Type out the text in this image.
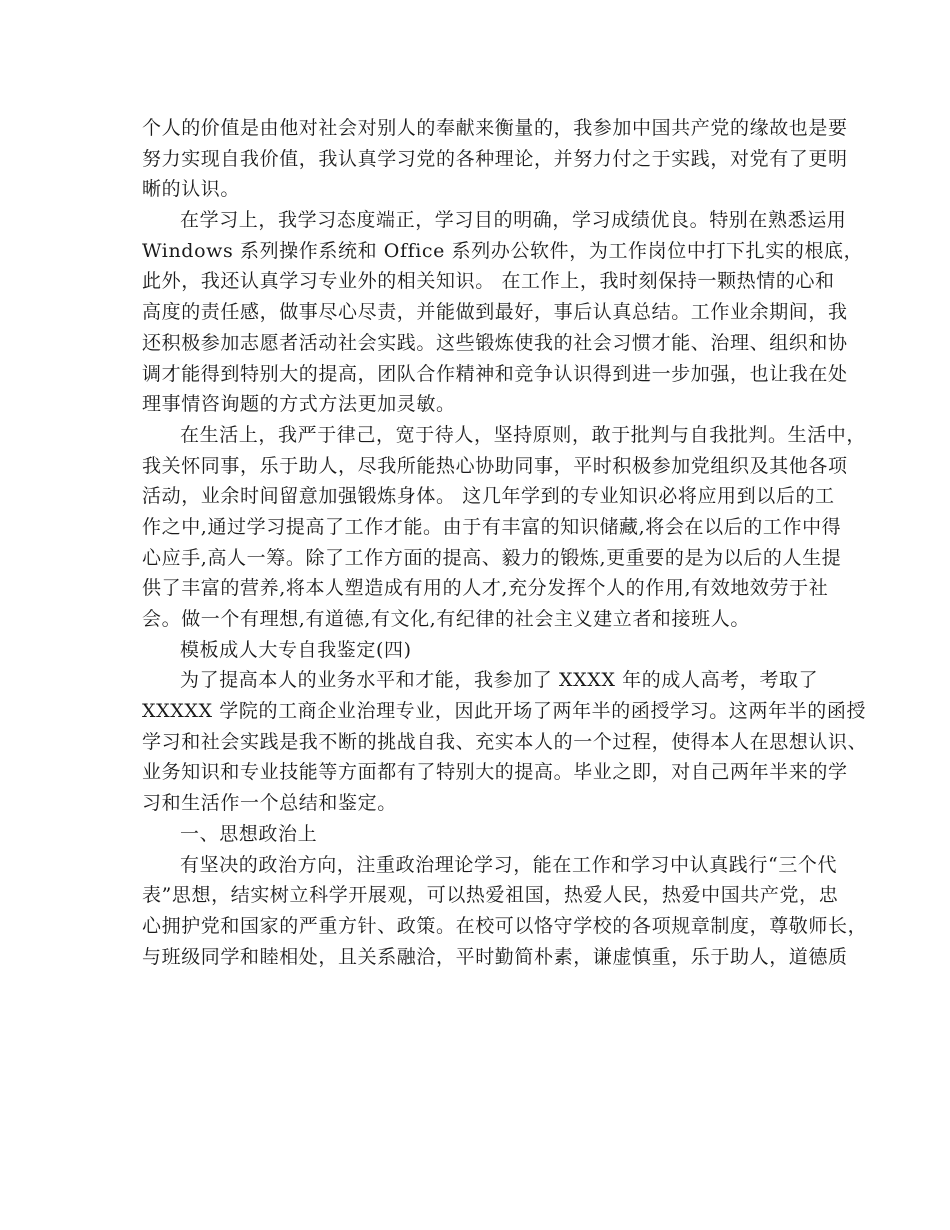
个人的价值是由他对社会对别人的奉献来衡量的，我参加中国共产党的缘故也是要
努力实现自我价值，我认真学习党的各种理论，并努力付之于实践，对党有了更明
晰的认识。
在学习上，我学习态度端正，学习目的明确，学习成绩优良。特别在熟悉运用
Windows 系列操作系统和 Office 系列办公软件，为工作岗位中打下扎实的根底，
此外，我还认真学习专业外的相关知识。 在工作上，我时刻保持一颗热情的心和
高度的责任感，做事尽心尽责，并能做到最好，事后认真总结。工作业余期间，我
还积极参加志愿者活动社会实践。这些锻炼使我的社会习惯才能、治理、组织和协
调才能得到特别大的提高，团队合作精神和竞争认识得到进一步加强，也让我在处
理事情咨询题的方式方法更加灵敏。
在生活上，我严于律己，宽于待人，坚持原则，敢于批判与自我批判。生活中，
我关怀同事，乐于助人，尽我所能热心协助同事，平时积极参加党组织及其他各项
活动，业余时间留意加强锻炼身体。 这几年学到的专业知识必将应用到以后的工
作之中,通过学习提高了工作才能。由于有丰富的知识储藏,将会在以后的工作中得
心应手,高人一筹。除了工作方面的提高、毅力的锻炼,更重要的是为以后的人生提
供了丰富的营养,将本人塑造成有用的人才,充分发挥个人的作用,有效地效劳于社
会。做一个有理想,有道德,有文化,有纪律的社会主义建立者和接班人。
模板成人大专自我鉴定(四)
为了提高本人的业务水平和才能，我参加了 XXXX 年的成人高考，考取了
XXXXX 学院的工商企业治理专业，因此开场了两年半的函授学习。这两年半的函授
学习和社会实践是我不断的挑战自我、充实本人的一个过程，使得本人在思想认识、
业务知识和专业技能等方面都有了特别大的提高。毕业之即，对自己两年半来的学
习和生活作一个总结和鉴定。
一、思想政治上
有坚决的政治方向，注重政治理论学习，能在工作和学习中认真践行“三个代
表”思想，结实树立科学开展观，可以热爱祖国，热爱人民，热爱中国共产党，忠
心拥护党和国家的严重方针、政策。在校可以恪守学校的各项规章制度，尊敬师长，
与班级同学和睦相处，且关系融洽，平时勤简朴素，谦虚慎重，乐于助人，道德质
